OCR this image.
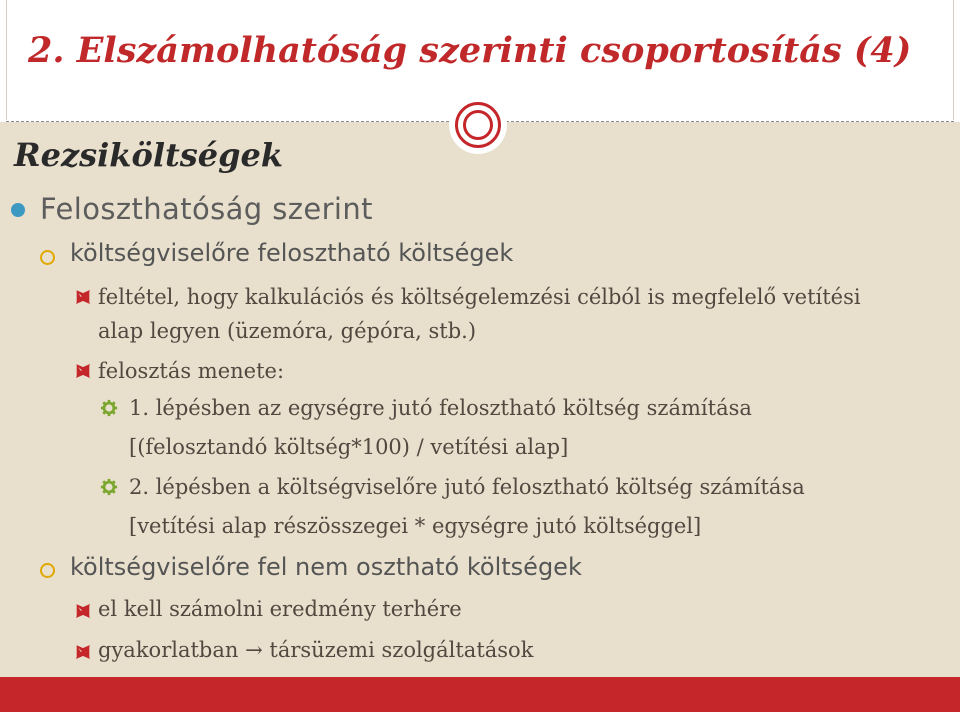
2. Elszámolhatóság szerinti csoportosítás (4)
Rezsiköltségek
Feloszthatóság szerint
költségviselőre felosztható költségek
feltétel, hogy kalkulációs és költségelemzési célból is megfelelő vetítési
alap legyen (üzemóra, gépóra, stb.)
felosztás menete:
1. lépésben az egységre jutó felosztható költség számítása
[(felosztandó költség*100) / vetítési alap]
2. lépésben a költségviselőre jutó felosztható költség számítása
[vetítési alap részösszegei * egységre jutó költséggel]
költségviselőre fel nem osztható költségek
el kell számolni eredmény terhére
gyakorlatban → társüzemi szolgáltatások
